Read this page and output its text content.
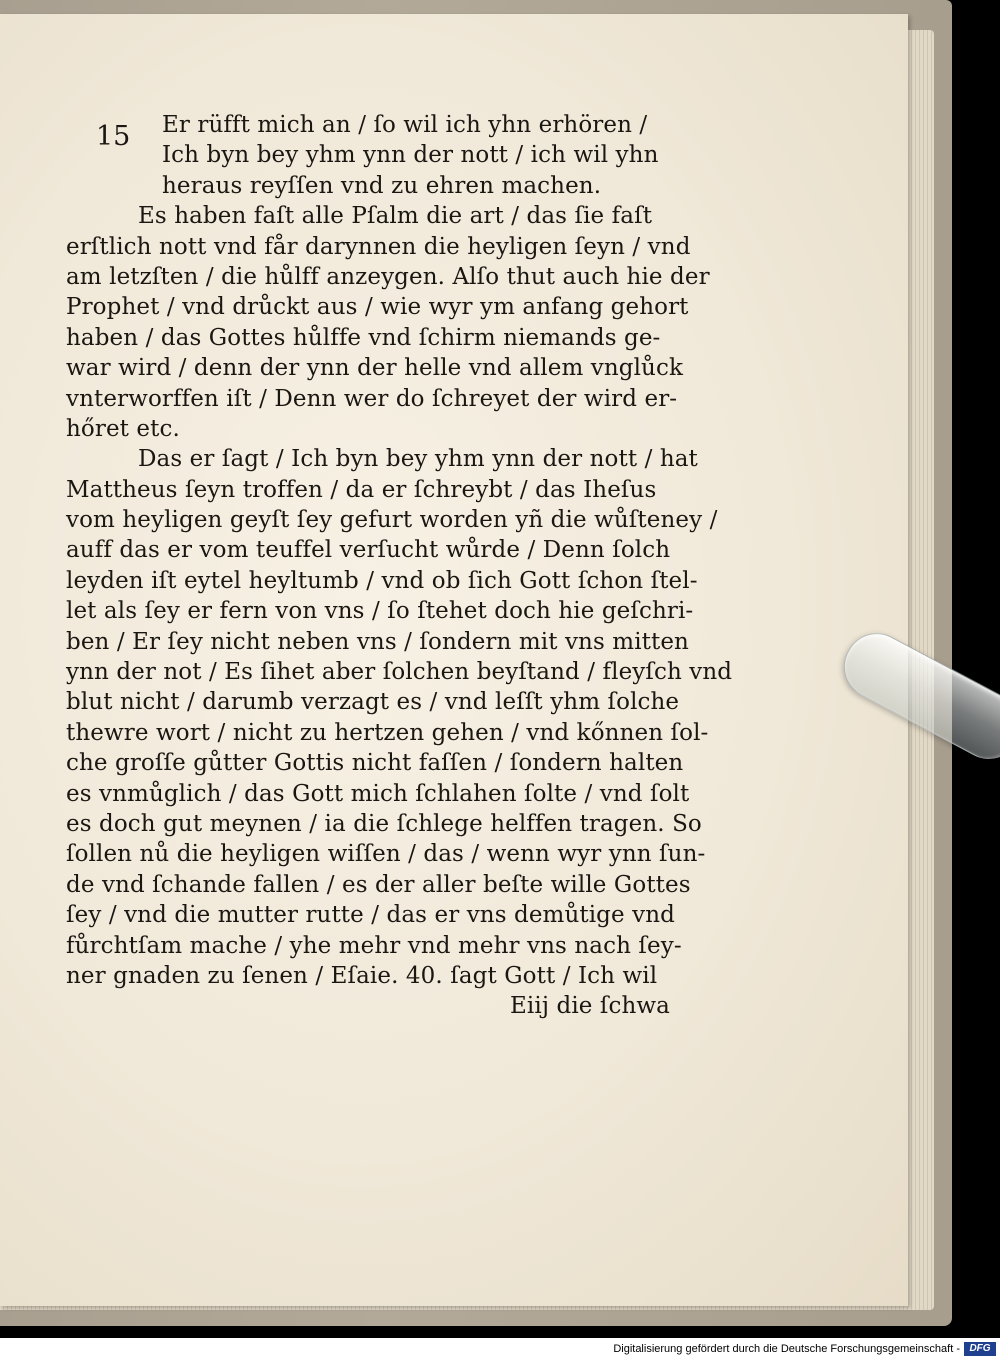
15	Er rüfft mich an / ſo wil ich yhn erhören /
Ich byn bey yhm ynn der nott / ich wil yhn
heraus reyſſen vnd zu ehren machen.
Es haben faſt alle Pſalm die art / das ſie faſt
erſtlich nott vnd får darynnen die heyligen ſeyn / vnd
am letzſten / die hůlff anzeygen. Alſo thut auch hie der
Prophet / vnd drůckt aus / wie wyr ym anfang gehort
haben / das Gottes hůlffe vnd ſchirm niemands ge-
war wird / denn der ynn der helle vnd allem vnglůck
vnterworffen iſt / Denn wer do ſchreyet der wird er-
hőret etc.
Das er ſagt / Ich byn bey yhm ynn der nott / hat
Mattheus ſeyn troffen / da er ſchreybt / das Iheſus
vom heyligen geyſt ſey gefurt worden yñ die wůſteney /
auff das er vom teuffel verſucht wůrde / Denn ſolch
leyden iſt eytel heyltumb / vnd ob ſich Gott ſchon ſtel-
let als ſey er fern von vns / ſo ſtehet doch hie geſchri-
ben / Er ſey nicht neben vns / ſondern mit vns mitten
ynn der not / Es ſihet aber ſolchen beyſtand / fleyſch vnd
blut nicht / darumb verzagt es / vnd leſſt yhm ſolche
thewre wort / nicht zu hertzen gehen / vnd kőnnen ſol-
che groſſe gůtter Gottis nicht faſſen / ſondern halten
es vnmůglich / das Gott mich ſchlahen ſolte / vnd ſolt
es doch gut meynen / ia die ſchlege helffen tragen. So
ſollen nů die heyligen wiſſen / das / wenn wyr ynn ſun-
de vnd ſchande fallen / es der aller beſte wille Gottes
ſey / vnd die mutter rutte / das er vns demůtige vnd
fůrchtſam mache / yhe mehr vnd mehr vns nach ſey-
ner gnaden zu ſenen / Eſaie. 40. ſagt Gott / Ich wil
Eiij die ſchwa
Digitalisierung gefördert durch die Deutsche Forschungsgemeinschaft - DFG
